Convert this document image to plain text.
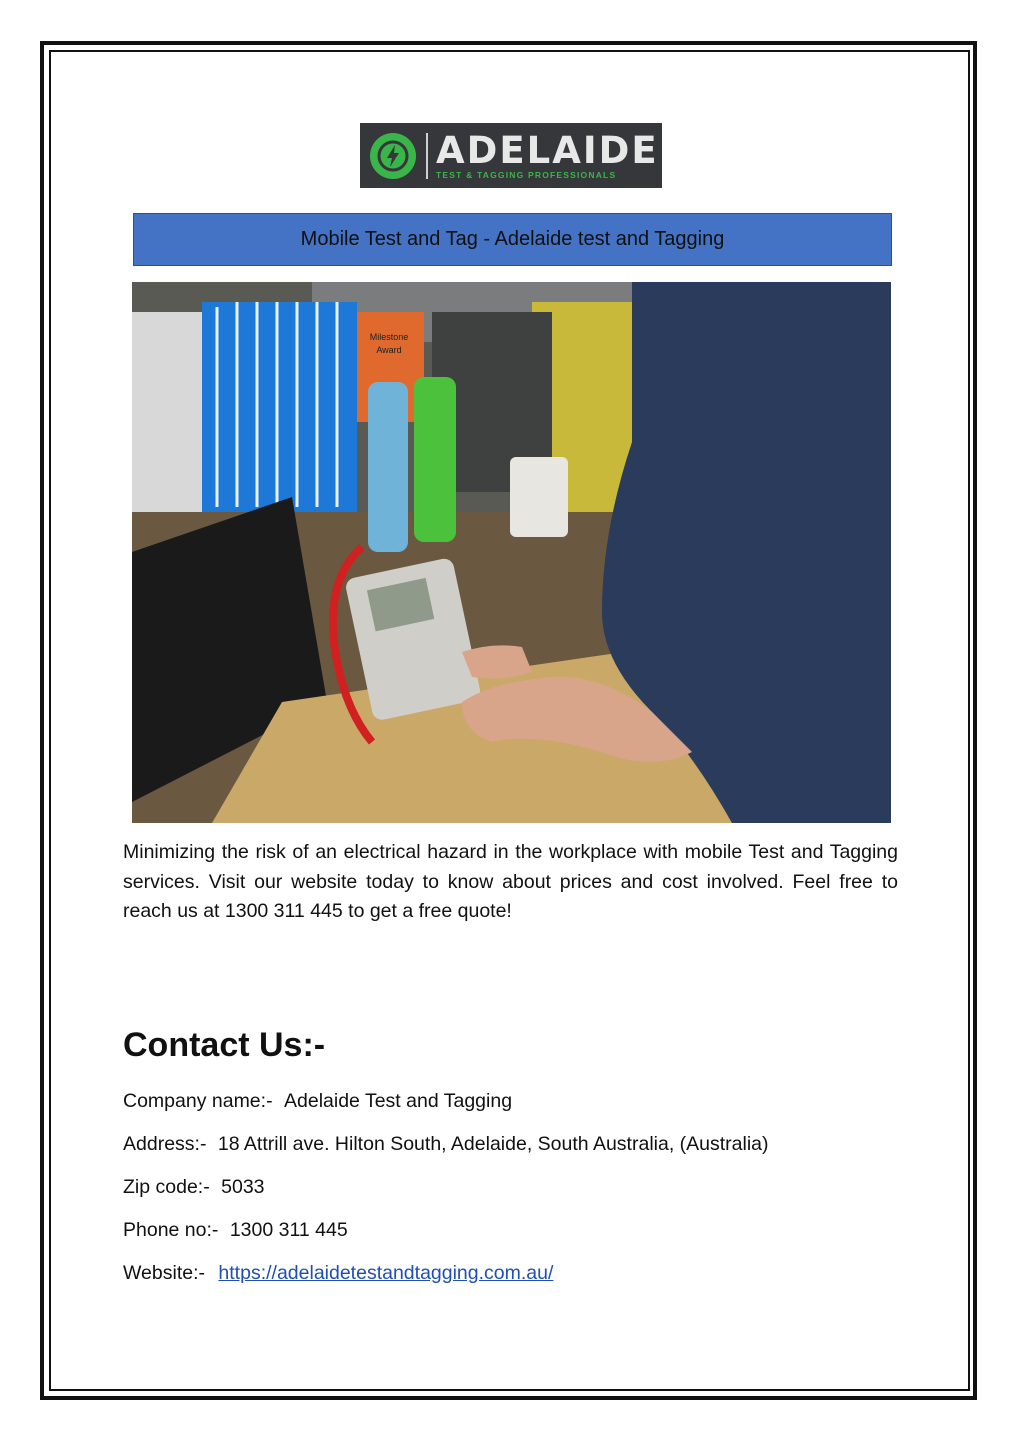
ADELAIDE
TEST & TAGGING PROFESSIONALS
Mobile Test and Tag - Adelaide test and Tagging
Milestone
Award

Minimizing the risk of an electrical hazard in the workplace with mobile Test and Tagging services. Visit our website today to know about prices and cost involved. Feel free to reach us at 1300 311 445 to get a free quote!

Contact Us:-

Company name:- Adelaide Test and Tagging

Address:- 18 Attrill ave. Hilton South, Adelaide, South Australia, (Australia)

Zip code:- 5033

Phone no:- 1300 311 445

Website:- https://adelaidetestandtagging.com.au/
